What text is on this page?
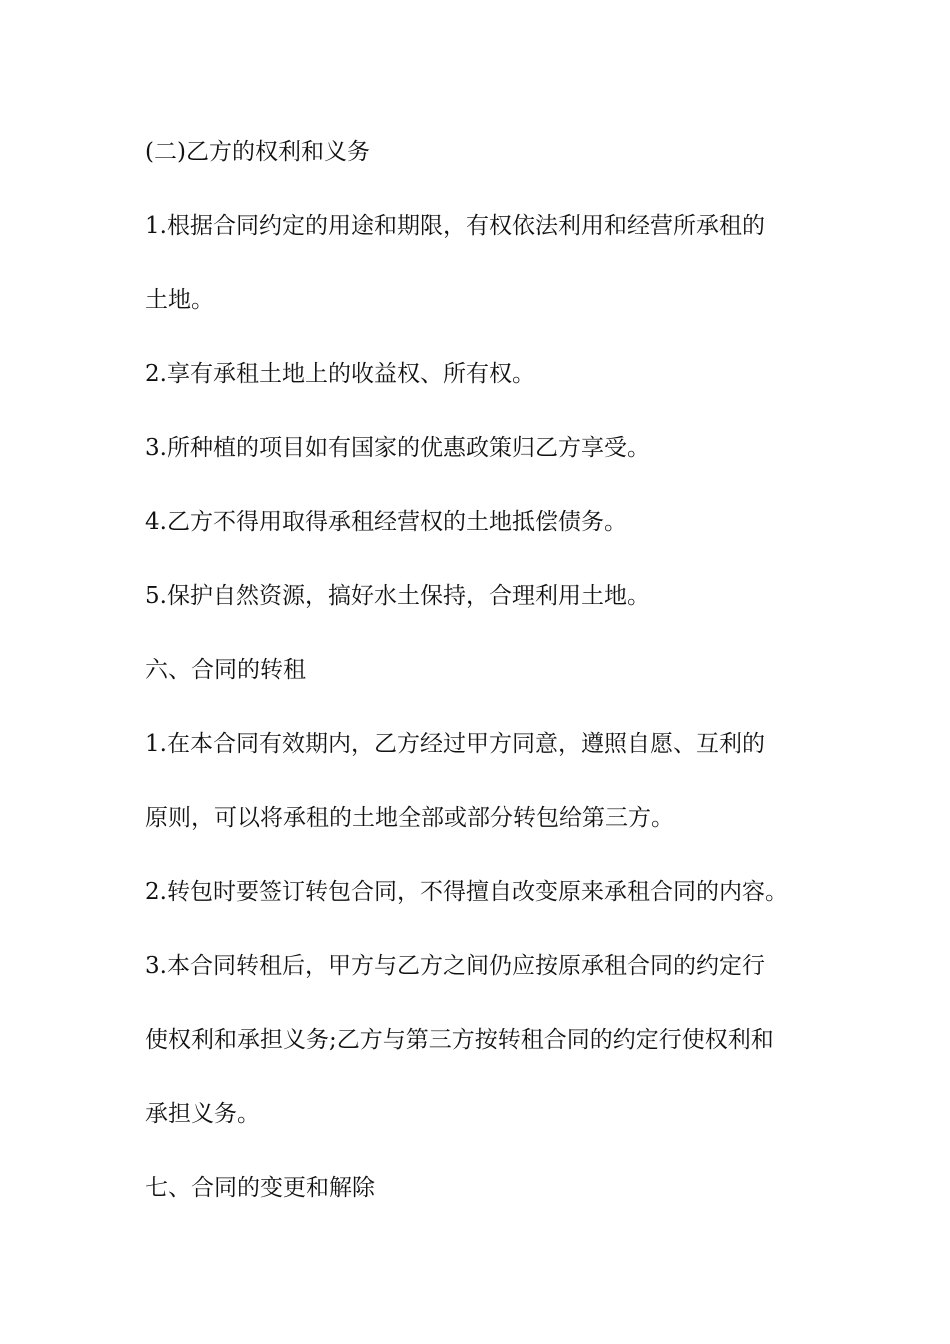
(二)乙方的权利和义务

1.根据合同约定的用途和期限，有权依法利用和经营所承租的

土地。

2.享有承租土地上的收益权、所有权。

3.所种植的项目如有国家的优惠政策归乙方享受。

4.乙方不得用取得承租经营权的土地抵偿债务。

5.保护自然资源，搞好水土保持，合理利用土地。

六、合同的转租

1.在本合同有效期内，乙方经过甲方同意，遵照自愿、互利的

原则，可以将承租的土地全部或部分转包给第三方。

2.转包时要签订转包合同，不得擅自改变原来承租合同的内容。

3.本合同转租后，甲方与乙方之间仍应按原承租合同的约定行

使权利和承担义务;乙方与第三方按转租合同的约定行使权利和

承担义务。

七、合同的变更和解除
